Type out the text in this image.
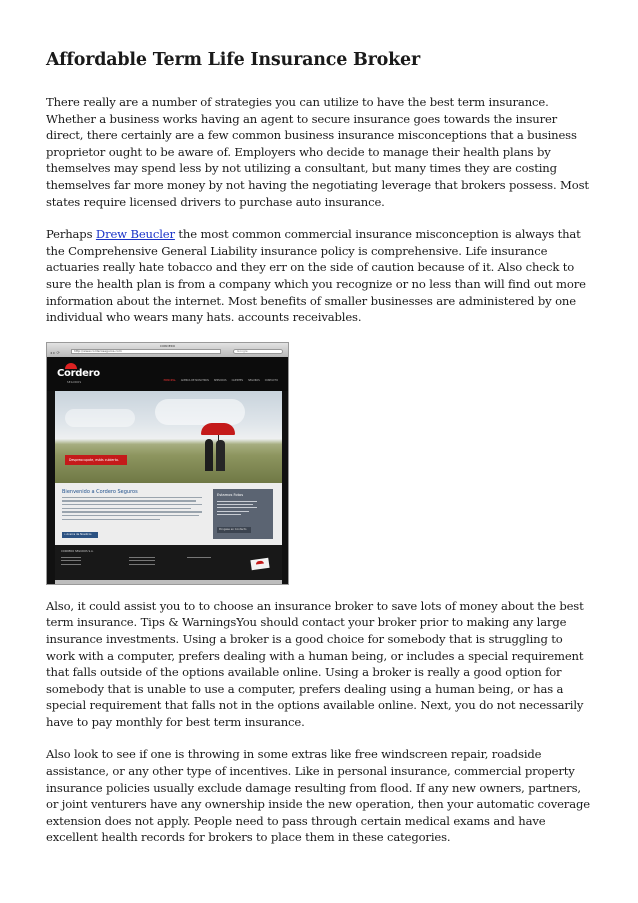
Affordable Term Life Insurance Broker

There really are a number of strategies you can utilize to have the best term insurance. Whether a business works having an agent to secure insurance goes towards the insurer direct, there certainly are a few common business insurance misconceptions that a business proprietor ought to be aware of. Employers who decide to manage their health plans by themselves may spend less by not utilizing a consultant, but many times they are costing themselves far more money by not having the negotiating leverage that brokers possess. Most states require licensed drivers to purchase auto insurance.

Perhaps Drew Beucler the most common commercial insurance misconception is always that the Comprehensive General Liability insurance policy is comprehensive. Life insurance actuaries really hate tobacco and they err on the side of caution because of it. Also check to sure the health plan is from a company which you recognize or no less than will find out more information about the internet. Most benefits of smaller businesses are administered by one individual who wears many hats. accounts receivables.

CORDERO
◂ ▸ ⟳	http://www.corderoseguros.com	Google
Cordero
SEGUROS
PRINCIPAL ACERCA DE NOSOTROS SERVICIOS CLIENTES SEGUROS CONTACTO
Despreocupate, estás cubierto.
Bienvenido a Cordero Seguros
» Acerca de Nosotros
Estamos Fotos
Pongase en Contacto
CORDERO SEGUROS S.A.

Also, it could assist you to to choose an insurance broker to save lots of money about the best term insurance. Tips & WarningsYou should contact your broker prior to making any large insurance investments. Using a broker is a good choice for somebody that is struggling to work with a computer, prefers dealing with a human being, or includes a special requirement that falls outside of the options available online. Using a broker is really a good option for somebody that is unable to use a computer, prefers dealing using a human being, or has a special requirement that falls not in the options available online. Next, you do not necessarily have to pay monthly for best term insurance.

Also look to see if one is throwing in some extras like free windscreen repair, roadside assistance, or any other type of incentives. Like in personal insurance, commercial property insurance policies usually exclude damage resulting from flood. If any new owners, partners, or joint venturers have any ownership inside the new operation, then your automatic coverage extension does not apply. People need to pass through certain medical exams and have excellent health records for brokers to place them in these categories.
